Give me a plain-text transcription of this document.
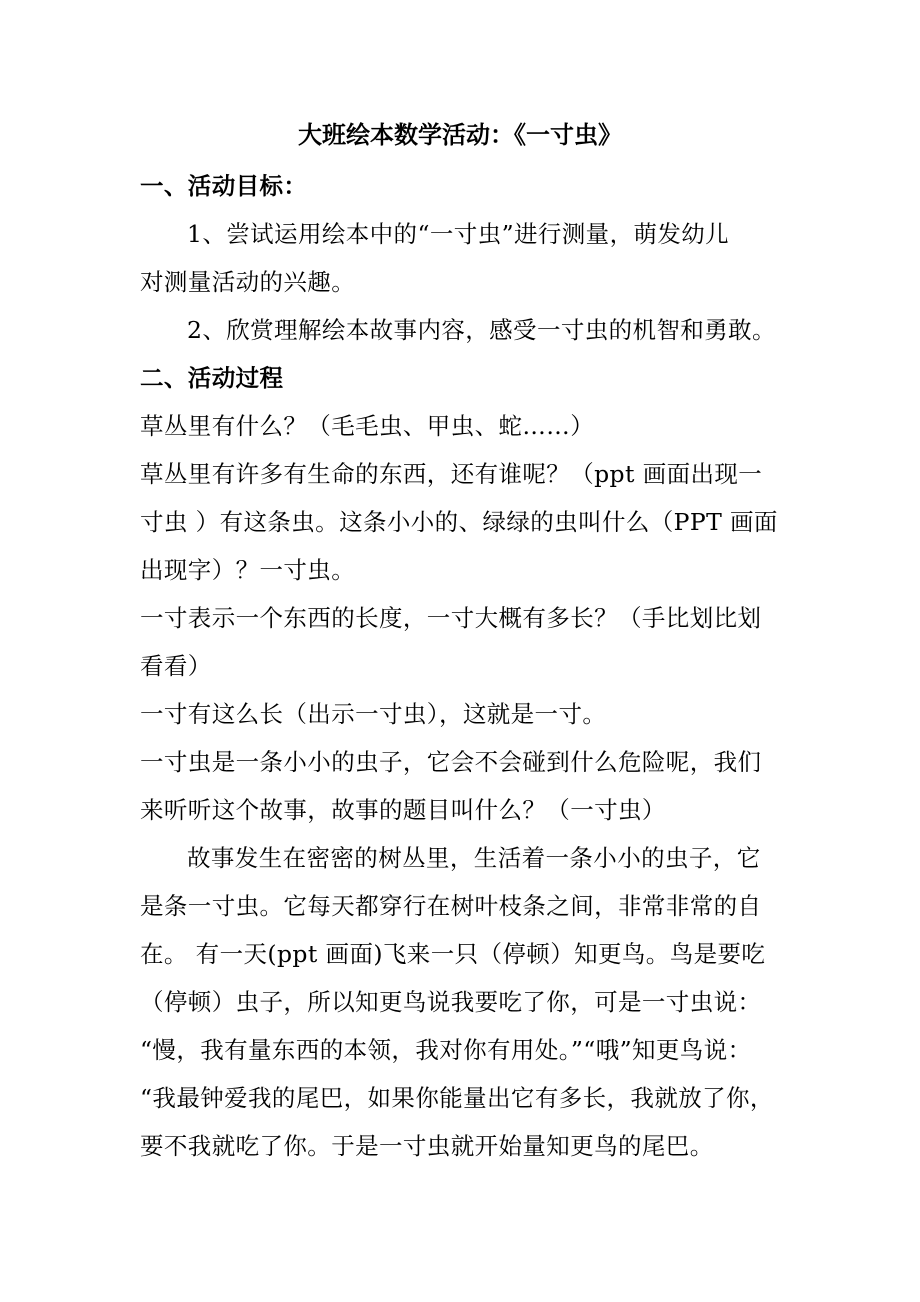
大班绘本数学活动：《一寸虫》
一、活动目标：
1、尝试运用绘本中的“一寸虫”进行测量，萌发幼儿
对测量活动的兴趣。
2、欣赏理解绘本故事内容，感受一寸虫的机智和勇敢。
二、活动过程
草丛里有什么？（毛毛虫、甲虫、蛇……）
草丛里有许多有生命的东西，还有谁呢？（ppt 画面出现一
寸虫 ）有这条虫。这条小小的、绿绿的虫叫什么（PPT 画面
出现字）？一寸虫。
一寸表示一个东西的长度，一寸大概有多长？（手比划比划
看看）
一寸有这么长（出示一寸虫），这就是一寸。
一寸虫是一条小小的虫子，它会不会碰到什么危险呢，我们
来听听这个故事，故事的题目叫什么？（一寸虫）
故事发生在密密的树丛里，生活着一条小小的虫子，它
是条一寸虫。它每天都穿行在树叶枝条之间，非常非常的自
在。 有一天(ppt 画面)飞来一只（停顿）知更鸟。鸟是要吃
（停顿）虫子，所以知更鸟说我要吃了你，可是一寸虫说：
“慢，我有量东西的本领，我对你有用处。”“哦”知更鸟说：
“我最钟爱我的尾巴，如果你能量出它有多长，我就放了你，
要不我就吃了你。于是一寸虫就开始量知更鸟的尾巴。
